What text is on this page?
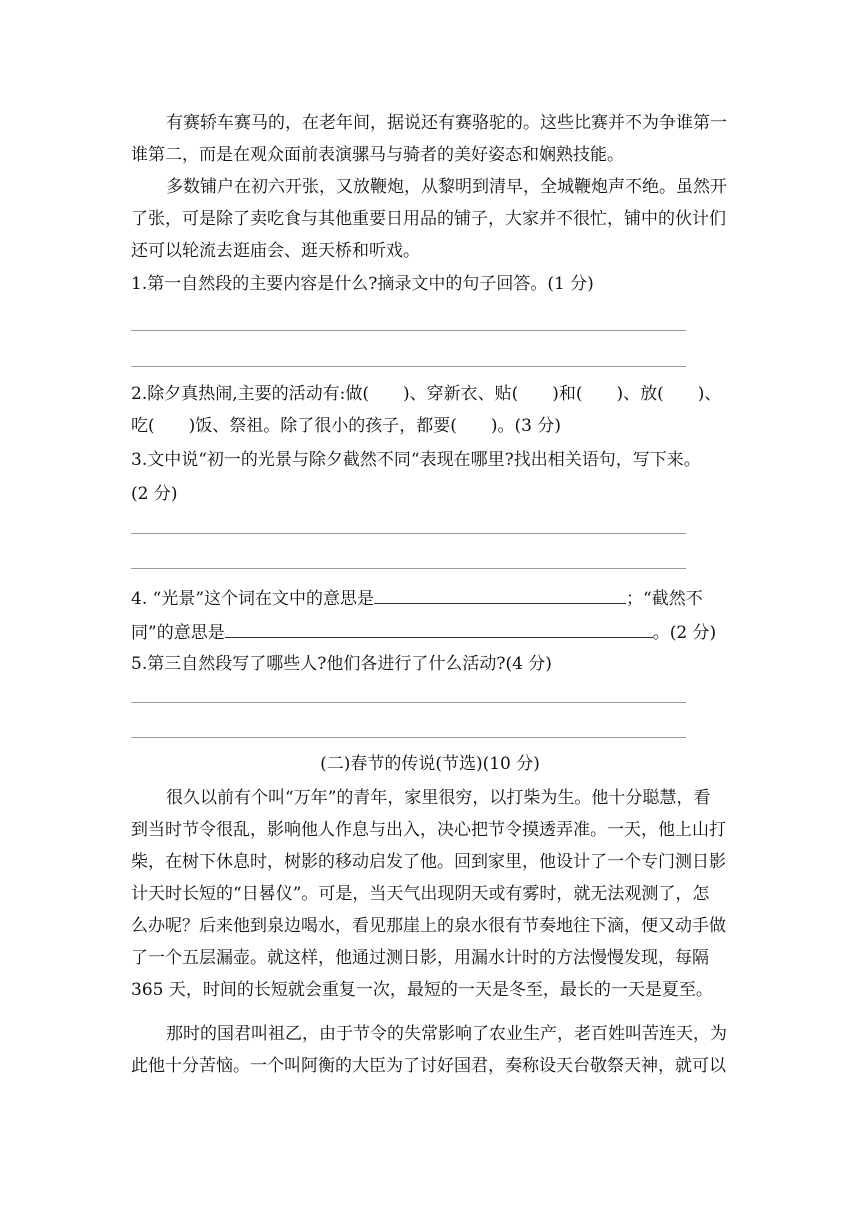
有赛轿车赛马的，在老年间，据说还有赛骆驼的。这些比赛并不为争谁第一
谁第二，而是在观众面前表演骡马与骑者的美好姿态和娴熟技能。
多数铺户在初六开张，又放鞭炮，从黎明到清早，全城鞭炮声不绝。虽然开
了张，可是除了卖吃食与其他重要日用品的铺子，大家并不很忙，铺中的伙计们
还可以轮流去逛庙会、逛天桥和听戏。
1.第一自然段的主要内容是什么?摘录文中的句子回答。(1 分)
2.除夕真热闹,主要的活动有:做(　　)、穿新衣、贴(　　)和(　　)、放(　　)、
吃(　　)饭、祭祖。除了很小的孩子，都要(　　)。(3 分)
3.文中说“初一的光景与除夕截然不同“表现在哪里?找出相关语句，写下来。
(2 分)
4. “光景”这个词在文中的意思是	；“截然不
同”的意思是	。(2 分)
5.第三自然段写了哪些人?他们各进行了什么活动?(4 分)
(二)春节的传说(节选)(10 分)
很久以前有个叫“万年”的青年，家里很穷，以打柴为生。他十分聪慧，看
到当时节令很乱，影响他人作息与出入，决心把节令摸透弄准。一天，他上山打
柴，在树下休息时，树影的移动启发了他。回到家里，他设计了一个专门测日影
计天时长短的“日晷仪”。可是，当天气出现阴天或有雾时，就无法观测了，怎
么办呢？后来他到泉边喝水，看见那崖上的泉水很有节奏地往下滴，便又动手做
了一个五层漏壶。就这样，他通过测日影，用漏水计时的方法慢慢发现，每隔
365 天，时间的长短就会重复一次，最短的一天是冬至，最长的一天是夏至。
那时的国君叫祖乙，由于节令的失常影响了农业生产，老百姓叫苦连天，为
此他十分苦恼。一个叫阿衡的大臣为了讨好国君，奏称设天台敬祭天神，就可以
